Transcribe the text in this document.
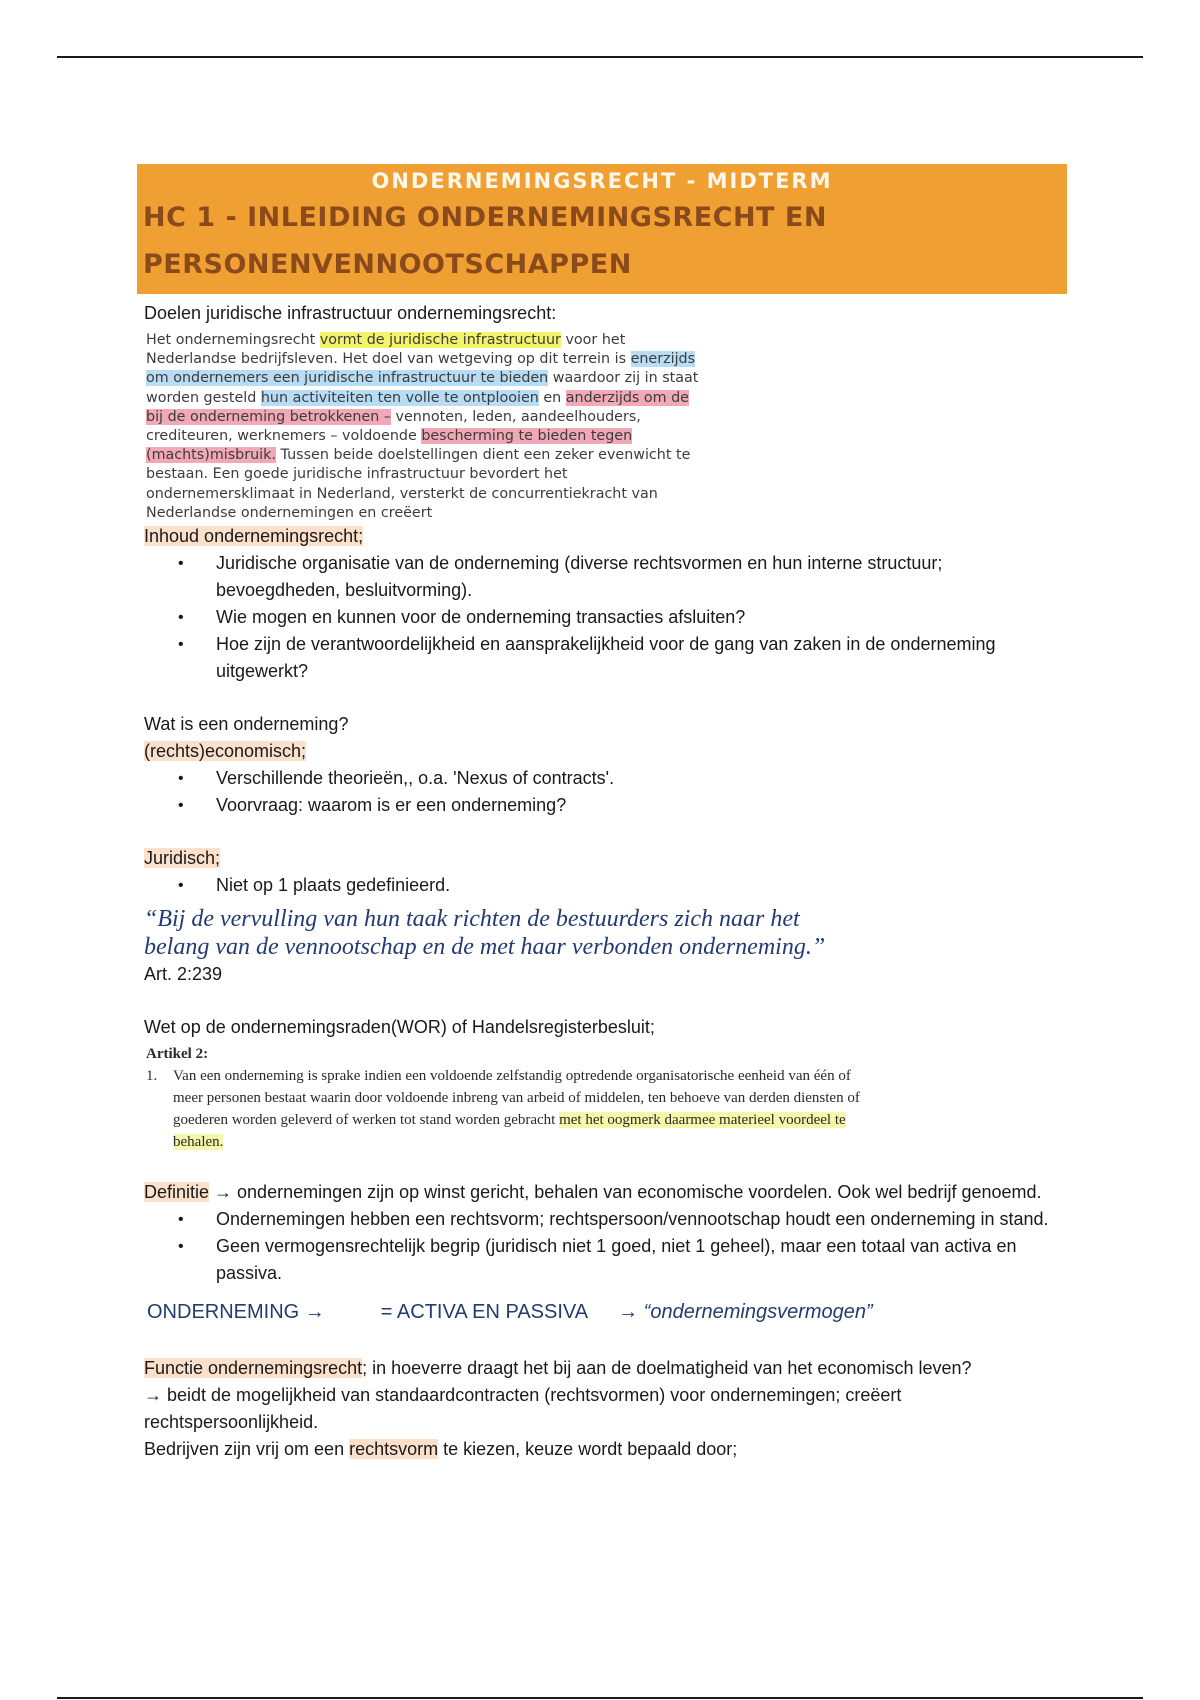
ONDERNEMINGSRECHT - MIDTERM
HC 1 - INLEIDING ONDERNEMINGSRECHT EN
PERSONENVENNOOTSCHAPPEN
Doelen juridische infrastructuur ondernemingsrecht:
Het ondernemingsrecht vormt de juridische infrastructuur voor het Nederlandse bedrijfsleven. Het doel van wetgeving op dit terrein is enerzijds om ondernemers een juridische infrastructuur te bieden waardoor zij in staat worden gesteld hun activiteiten ten volle te ontplooien en anderzijds om de bij de onderneming betrokkenen – vennoten, leden, aandeelhouders, crediteuren, werknemers – voldoende bescherming te bieden tegen (machts)misbruik. Tussen beide doelstellingen dient een zeker evenwicht te bestaan. Een goede juridische infrastructuur bevordert het ondernemersklimaat in Nederland, versterkt de concurrentiekracht van Nederlandse ondernemingen en creëert
Inhoud ondernemingsrecht;
• Juridische organisatie van de onderneming (diverse rechtsvormen en hun interne structuur; bevoegdheden, besluitvorming).
• Wie mogen en kunnen voor de onderneming transacties afsluiten?
• Hoe zijn de verantwoordelijkheid en aansprakelijkheid voor de gang van zaken in de onderneming uitgewerkt?
Wat is een onderneming?
(rechts)economisch;
• Verschillende theorieën,, o.a. 'Nexus of contracts'.
• Voorvraag: waarom is er een onderneming?
Juridisch;
• Niet op 1 plaats gedefinieerd.
“Bij de vervulling van hun taak richten de bestuurders zich naar het
belang van de vennootschap en de met haar verbonden onderneming.”
Art. 2:239
Wet op de ondernemingsraden(WOR) of Handelsregisterbesluit;
Artikel 2:
1. Van een onderneming is sprake indien een voldoende zelfstandig optredende organisatorische eenheid van één of meer personen bestaat waarin door voldoende inbreng van arbeid of middelen, ten behoeve van derden diensten of goederen worden geleverd of werken tot stand worden gebracht met het oogmerk daarmee materieel voordeel te behalen.
Definitie → ondernemingen zijn op winst gericht, behalen van economische voordelen. Ook wel bedrijf genoemd.
• Ondernemingen hebben een rechtsvorm; rechtspersoon/vennootschap houdt een onderneming in stand.
• Geen vermogensrechtelijk begrip (juridisch niet 1 goed, niet 1 geheel), maar een totaal van activa en passiva.
ONDERNEMING →	= ACTIVA EN PASSIVA → “ondernemingsvermogen”
Functie ondernemingsrecht; in hoeverre draagt het bij aan de doelmatigheid van het economisch leven?
→ beidt de mogelijkheid van standaardcontracten (rechtsvormen) voor ondernemingen; creëert rechtspersoonlijkheid.
Bedrijven zijn vrij om een rechtsvorm te kiezen, keuze wordt bepaald door;
